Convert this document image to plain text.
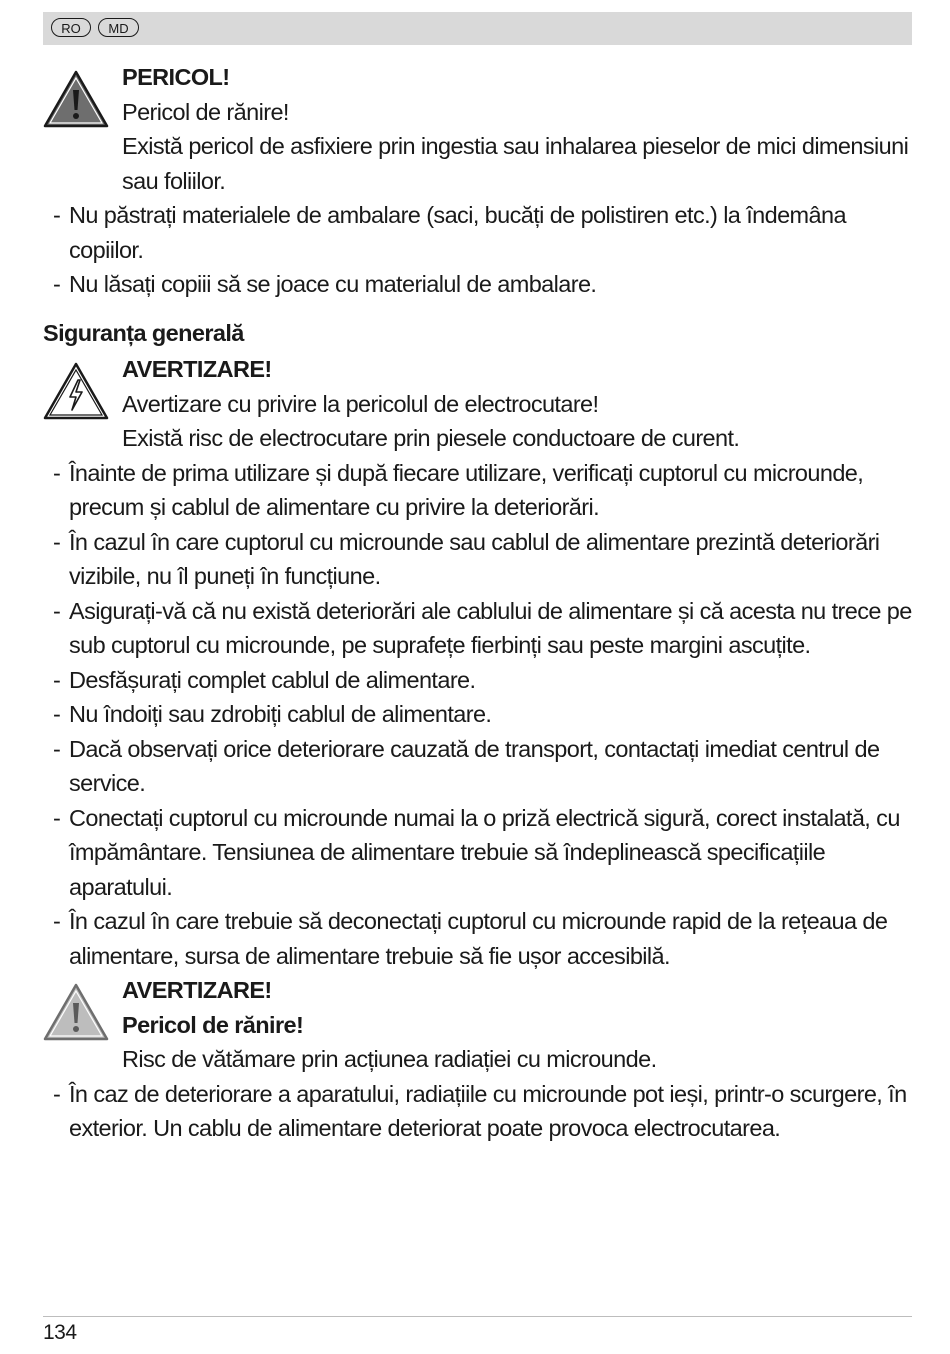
RO	MD
PERICOL!
Pericol de rănire!
Există pericol de asfixiere prin ingestia sau inhalarea pieselor de mici dimensiuni sau foliilor.
- Nu păstrați materialele de ambalare (saci, bucăți de polistiren etc.) la îndemâna copiilor.
- Nu lăsați copiii să se joace cu materialul de ambalare.
Siguranța generală
AVERTIZARE!
Avertizare cu privire la pericolul de electrocutare!
Există risc de electrocutare prin piesele conductoare de curent.
- Înainte de prima utilizare și după fiecare utilizare, verificați cuptorul cu microunde, precum și cablul de alimentare cu privire la deteriorări.
- În cazul în care cuptorul cu microunde sau cablul de alimentare prezintă deteriorări vizibile, nu îl puneți în funcțiune.
- Asigurați-vă că nu există deteriorări ale cablului de alimentare și că acesta nu trece pe sub cuptorul cu microunde, pe suprafețe fierbinți sau peste margini ascuțite.
- Desfășurați complet cablul de alimentare.
- Nu îndoiți sau zdrobiți cablul de alimentare.
- Dacă observați orice deteriorare cauzată de transport, contactați imediat centrul de service.
- Conectați cuptorul cu microunde numai la o priză electrică sigură, corect instalată, cu împământare. Tensiunea de alimentare trebuie să îndeplinească specificațiile aparatului.
- În cazul în care trebuie să deconectați cuptorul cu microunde rapid de la rețeaua de alimentare, sursa de alimentare trebuie să fie ușor accesibilă.
AVERTIZARE!
Pericol de rănire!
Risc de vătămare prin acțiunea radiației cu microunde.
- În caz de deteriorare a aparatului, radiațiile cu microunde pot ieși, printr-o scurgere, în exterior. Un cablu de alimentare deteriorat poate provoca electrocutarea.
134
